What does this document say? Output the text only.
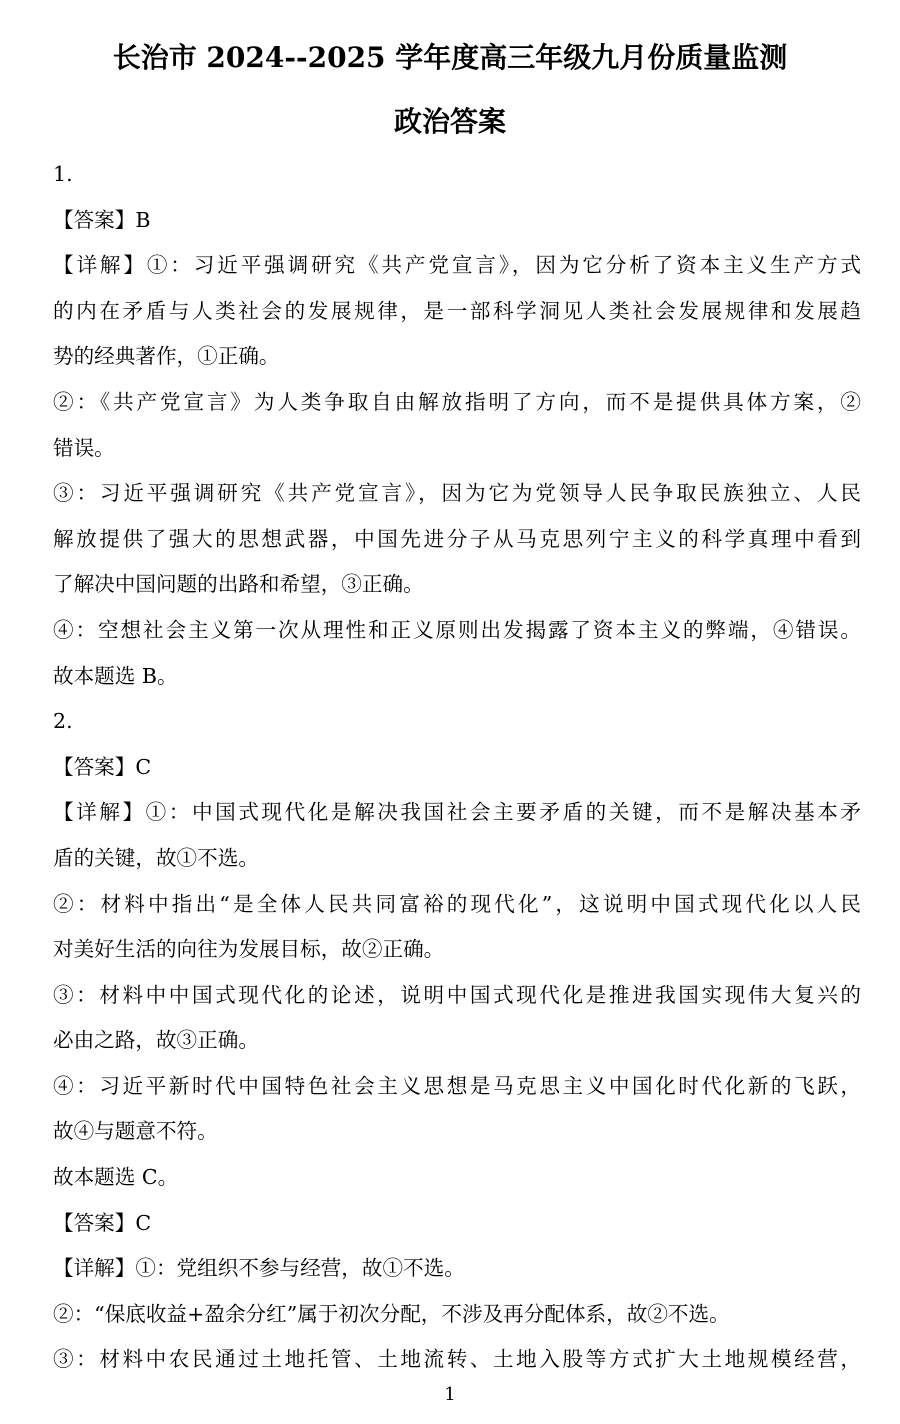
长治市 2024--2025 学年度高三年级九月份质量监测
政治答案
1.
【答案】B
【详解】①：习近平强调研究《共产党宣言》，因为它分析了资本主义生产方式
的内在矛盾与人类社会的发展规律，是一部科学洞见人类社会发展规律和发展趋
势的经典著作，①正确。
②：《共产党宣言》为人类争取自由解放指明了方向，而不是提供具体方案，②
错误。
③：习近平强调研究《共产党宣言》，因为它为党领导人民争取民族独立、人民
解放提供了强大的思想武器，中国先进分子从马克思列宁主义的科学真理中看到
了解决中国问题的出路和希望，③正确。
④：空想社会主义第一次从理性和正义原则出发揭露了资本主义的弊端，④错误。
故本题选 B。
2.
【答案】C
【详解】①：中国式现代化是解决我国社会主要矛盾的关键，而不是解决基本矛
盾的关键，故①不选。
②：材料中指出“是全体人民共同富裕的现代化”，这说明中国式现代化以人民
对美好生活的向往为发展目标，故②正确。
③：材料中中国式现代化的论述，说明中国式现代化是推进我国实现伟大复兴的
必由之路，故③正确。
④：习近平新时代中国特色社会主义思想是马克思主义中国化时代化新的飞跃，
故④与题意不符。
故本题选 C。
【答案】C
【详解】①：党组织不参与经营，故①不选。
②：“保底收益+盈余分红”属于初次分配，不涉及再分配体系，故②不选。
③：材料中农民通过土地托管、土地流转、土地入股等方式扩大土地规模经营，
1
